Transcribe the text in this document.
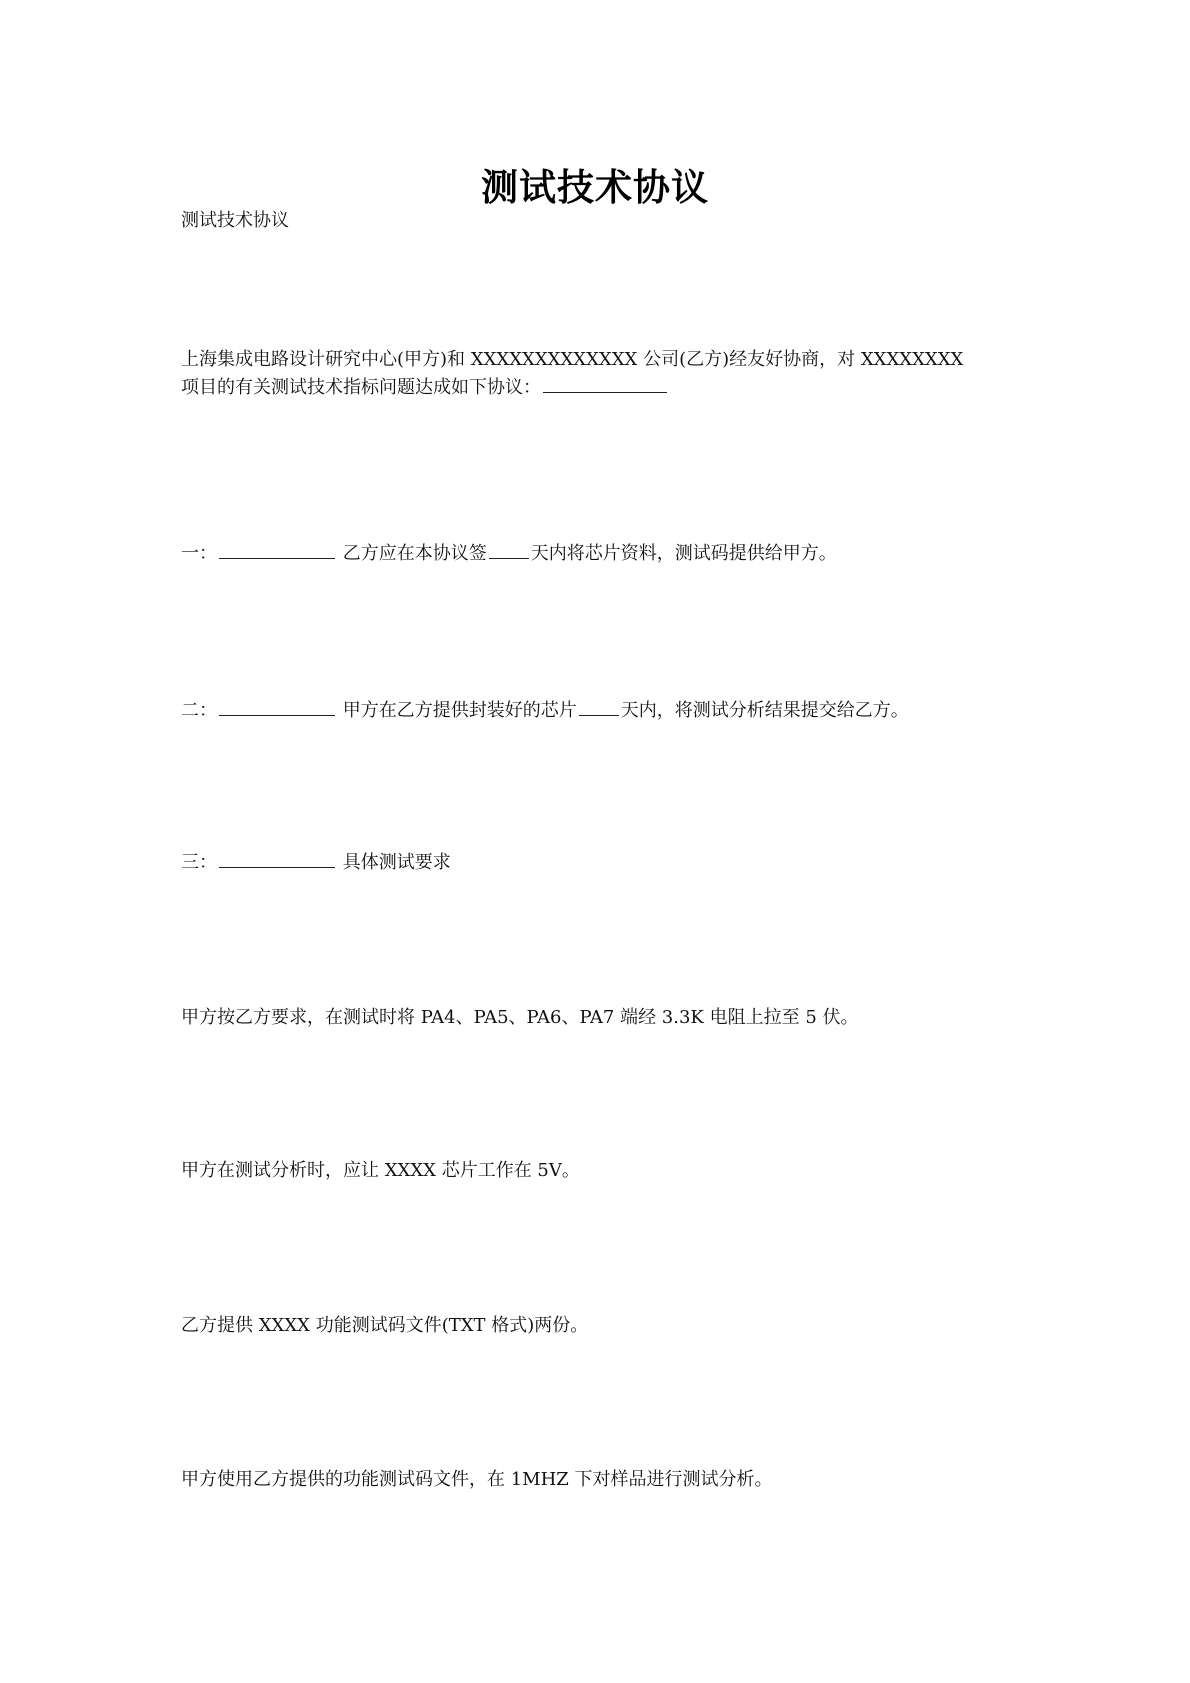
测试技术协议
测试技术协议
上海集成电路设计研究中心(甲方)和 XXXXXXXXXXXXX 公司(乙方)经友好协商，对 XXXXXXXX
项目的有关测试技术指标问题达成如下协议：
一：	乙方应在本协议签 天内将芯片资料，测试码提供给甲方。
二：	甲方在乙方提供封装好的芯片 天内，将测试分析结果提交给乙方。
三：	具体测试要求
甲方按乙方要求，在测试时将 PA4、PA5、PA6、PA7 端经 3.3K 电阻上拉至 5 伏。
甲方在测试分析时，应让 XXXX 芯片工作在 5V。
乙方提供 XXXX 功能测试码文件(TXT 格式)两份。
甲方使用乙方提供的功能测试码文件，在 1MHZ 下对样品进行测试分析。
